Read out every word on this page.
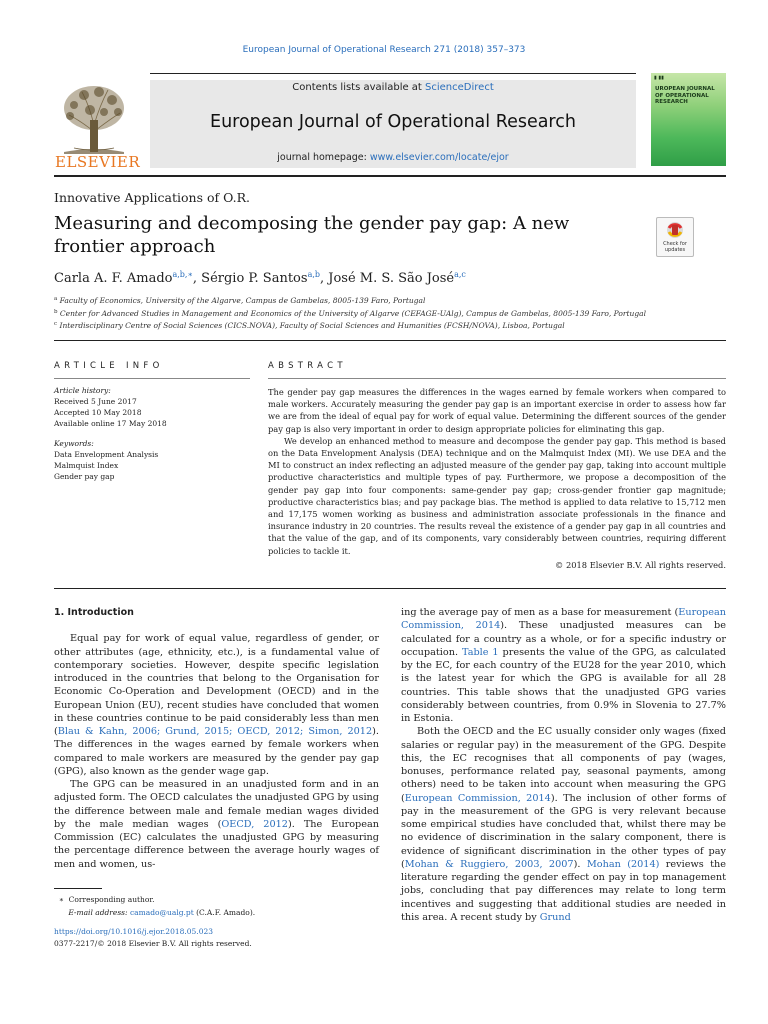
European Journal of Operational Research 271 (2018) 357–373
ELSEVIER
Contents lists available at ScienceDirect
European Journal of Operational Research
journal homepage: www.elsevier.com/locate/ejor
▮ ▮▮
UROPEAN JOURNAL OF OPERATIONAL RESEARCH
Innovative Applications of O.R.
Measuring and decomposing the gender pay gap: A new frontier approach	Check for updates
Carla A. F. Amado$^{a,b,∗}$, Sérgio P. Santos$^{a,b}$, José M. S. São José$^{a,c}$
$^a$ Faculty of Economics, University of the Algarve, Campus de Gambelas, 8005-139 Faro, Portugal
$^b$ Center for Advanced Studies in Management and Economics of the University of Algarve (CEFAGE-UAlg), Campus de Gambelas, 8005-139 Faro, Portugal
$^c$ Interdisciplinary Centre of Social Sciences (CICS.NOVA), Faculty of Social Sciences and Humanities (FCSH/NOVA), Lisboa, Portugal
ARTICLE INFO
Article history:
Received 5 June 2017
Accepted 10 May 2018
Available online 17 May 2018
Keywords:
Data Envelopment Analysis
Malmquist Index
Gender pay gap
ABSTRACT

The gender pay gap measures the differences in the wages earned by female workers when compared to male workers. Accurately measuring the gender pay gap is an important exercise in order to assess how far we are from the ideal of equal pay for work of equal value. Determining the different sources of the gender pay gap is also very important in order to design appropriate policies for eliminating this gap.

We develop an enhanced method to measure and decompose the gender pay gap. This method is based on the Data Envelopment Analysis (DEA) technique and on the Malmquist Index (MI). We use DEA and the MI to construct an index reflecting an adjusted measure of the gender pay gap, taking into account multiple productive characteristics and multiple types of pay. Furthermore, we propose a decomposition of the gender pay gap into four components: same-gender pay gap; cross-gender frontier gap magnitude; productive characteristics bias; and pay package bias. The method is applied to data relative to 15,712 men and 17,175 women working as business and administration associate professionals in the finance and insurance industry in 20 countries. The results reveal the existence of a gender pay gap in all countries and that the value of the gap, and of its components, vary considerably between countries, requiring different policies to tackle it.

© 2018 Elsevier B.V. All rights reserved.

1. Introduction

Equal pay for work of equal value, regardless of gender, or other attributes (age, ethnicity, etc.), is a fundamental value of contemporary societies. However, despite specific legislation introduced in the countries that belong to the Organisation for Economic Co-Operation and Development (OECD) and in the European Union (EU), recent studies have concluded that women in these countries continue to be paid considerably less than men (Blau & Kahn, 2006; Grund, 2015; OECD, 2012; Simon, 2012). The differences in the wages earned by female workers when compared to male workers are measured by the gender pay gap (GPG), also known as the gender wage gap.

The GPG can be measured in an unadjusted form and in an adjusted form. The OECD calculates the unadjusted GPG by using the difference between male and female median wages divided by the male median wages (OECD, 2012). The European Commission (EC) calculates the unadjusted GPG by measuring the percentage difference between the average hourly wages of men and women, us-

ing the average pay of men as a base for measurement (European Commission, 2014). These unadjusted measures can be calculated for a country as a whole, or for a specific industry or occupation. Table 1 presents the value of the GPG, as calculated by the EC, for each country of the EU28 for the year 2010, which is the latest year for which the GPG is available for all 28 countries. This table shows that the unadjusted GPG varies considerably between countries, from 0.9% in Slovenia to 27.7% in Estonia.

Both the OECD and the EC usually consider only wages (fixed salaries or regular pay) in the measurement of the GPG. Despite this, the EC recognises that all components of pay (wages, bonuses, performance related pay, seasonal payments, among others) need to be taken into account when measuring the GPG (European Commission, 2014). The inclusion of other forms of pay in the measurement of the GPG is very relevant because some empirical studies have concluded that, whilst there may be no evidence of discrimination in the salary component, there is evidence of significant discrimination in the other types of pay (Mohan & Ruggiero, 2003, 2007). Mohan (2014) reviews the literature regarding the gender effect on pay in top management jobs, concluding that pay differences may relate to long term incentives and suggesting that additional studies are needed in this area. A recent study by Grund

∗ Corresponding author.
E-mail address: camado@ualg.pt (C.A.F. Amado).
https://doi.org/10.1016/j.ejor.2018.05.023
0377-2217/© 2018 Elsevier B.V. All rights reserved.
